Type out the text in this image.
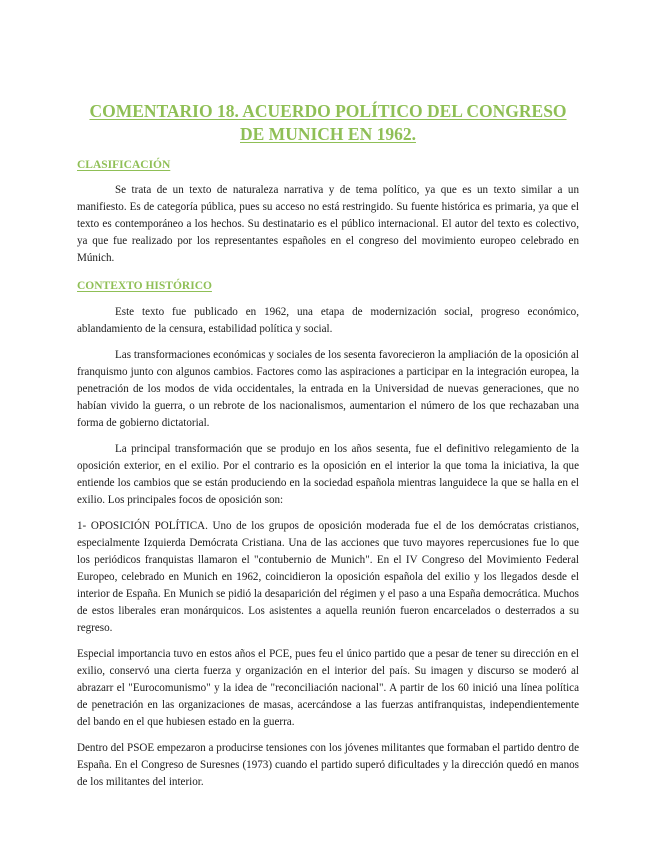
COMENTARIO 18. ACUERDO POLÍTICO DEL CONGRESO DE MUNICH EN 1962.
CLASIFICACIÓN

Se trata de un texto de naturaleza narrativa y de tema político, ya que es un texto similar a un manifiesto. Es de categoría pública, pues su acceso no está restringido. Su fuente histórica es primaria, ya que el texto es contemporáneo a los hechos. Su destinatario es el público internacional. El autor del texto es colectivo, ya que fue realizado por los representantes españoles en el congreso del movimiento europeo celebrado en Múnich.

CONTEXTO HISTÓRICO

Este texto fue publicado en 1962, una etapa de modernización social, progreso económico, ablandamiento de la censura, estabilidad política y social.

Las transformaciones económicas y sociales de los sesenta favorecieron la ampliación de la oposición al franquismo junto con algunos cambios. Factores como las aspiraciones a participar en la integración europea, la penetración de los modos de vida occidentales, la entrada en la Universidad de nuevas generaciones, que no habían vivido la guerra, o un rebrote de los nacionalismos, aumentarion el número de los que rechazaban una forma de gobierno dictatorial.

La principal transformación que se produjo en los años sesenta, fue el definitivo relegamiento de la oposición exterior, en el exilio. Por el contrario es la oposición en el interior la que toma la iniciativa, la que entiende los cambios que se están produciendo en la sociedad española mientras languidece la que se halla en el exilio. Los principales focos de oposición son:

1- OPOSICIÓN POLÍTICA. Uno de los grupos de oposición moderada fue el de los demócratas cristianos, especialmente Izquierda Demócrata Cristiana. Una de las acciones que tuvo mayores repercusiones fue lo que los periódicos franquistas llamaron el "contubernio de Munich". En el IV Congreso del Movimiento Federal Europeo, celebrado en Munich en 1962, coincidieron la oposición española del exilio y los llegados desde el interior de España. En Munich se pidió la desaparición del régimen y el paso a una España democrática. Muchos de estos liberales eran monárquicos. Los asistentes a aquella reunión fueron encarcelados o desterrados a su regreso.

Especial importancia tuvo en estos años el PCE, pues feu el único partido que a pesar de tener su dirección en el exilio, conservó una cierta fuerza y organización en el interior del país. Su imagen y discurso se moderó al abrazarr el "Eurocomunismo" y la idea de "reconciliación nacional". A partir de los 60 inició una línea política de penetración en las organizaciones de masas, acercándose a las fuerzas antifranquistas, independientemente del bando en el que hubiesen estado en la guerra.

Dentro del PSOE empezaron a producirse tensiones con los jóvenes militantes que formaban el partido dentro de España. En el Congreso de Suresnes (1973) cuando el partido superó dificultades y la dirección quedó en manos de los militantes del interior.
